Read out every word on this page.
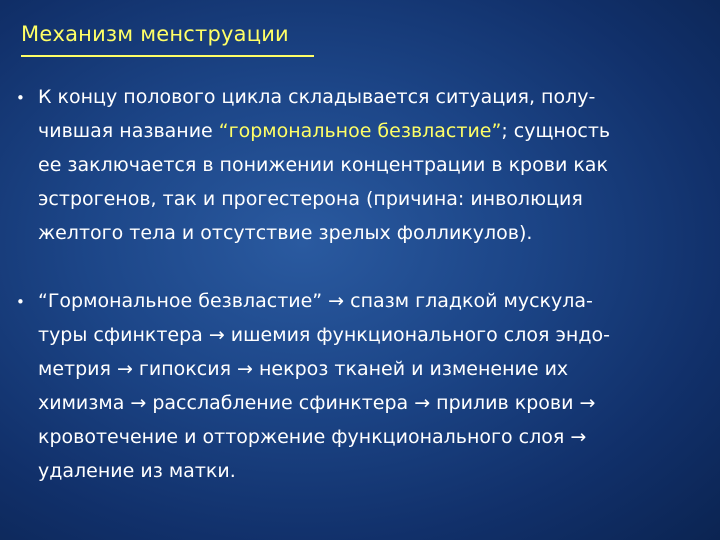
Механизм менструации
• К концу полового цикла складывается ситуация, полу-
чившая название “гормональное безвластие”; сущность
ее заключается в понижении концентрации в крови как
эстрогенов, так и прогестерона (причина: инволюция
желтого тела и отсутствие зрелых фолликулов).
• “Гормональное безвластие” → спазм гладкой мускула-
туры сфинктера → ишемия функционального слоя эндо-
метрия → гипоксия → некроз тканей и изменение их
химизма → расслабление сфинктера → прилив крови →
кровотечение и отторжение функционального слоя →
удаление из матки.
